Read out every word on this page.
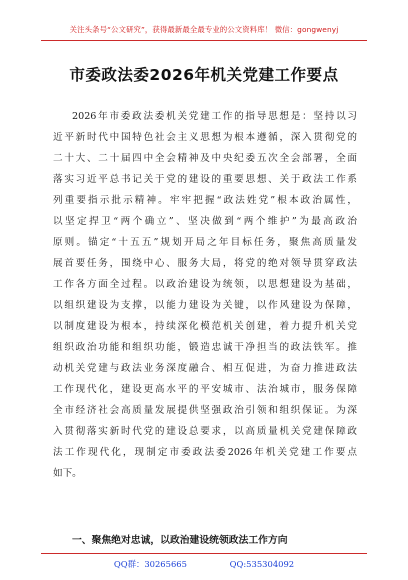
关注头条号“公文研究”，获得最新最全最专业的公文资料库！ 微信：gongwenyj
市委政法委2026年机关党建工作要点
2026年市委政法委机关党建工作的指导思想是：坚持以习
近平新时代中国特色社会主义思想为根本遵循，深入贯彻党的
二十大、二十届四中全会精神及中央纪委五次全会部署，全面
落实习近平总书记关于党的建设的重要思想、关于政法工作系
列重要指示批示精神。牢牢把握“政法姓党”根本政治属性，
以坚定捍卫“两个确立”、坚决做到“两个维护”为最高政治
原则。锚定“十五五”规划开局之年目标任务，聚焦高质量发
展首要任务，围绕中心、服务大局，将党的绝对领导贯穿政法
工作各方面全过程。以政治建设为统领，以思想建设为基础，
以组织建设为支撑，以能力建设为关键，以作风建设为保障，
以制度建设为根本，持续深化模范机关创建，着力提升机关党
组织政治功能和组织功能，锻造忠诚干净担当的政法铁军。推
动机关党建与政法业务深度融合、相互促进，为奋力推进政法
工作现代化，建设更高水平的平安城市、法治城市，服务保障
全市经济社会高质量发展提供坚强政治引领和组织保证。为深
入贯彻落实新时代党的建设总要求，以高质量机关党建保障政
法工作现代化，现制定市委政法委2026年机关党建工作要点
如下。
一、聚焦绝对忠诚，以政治建设统领政法工作方向
QQ群：30265665	QQ:535304092
